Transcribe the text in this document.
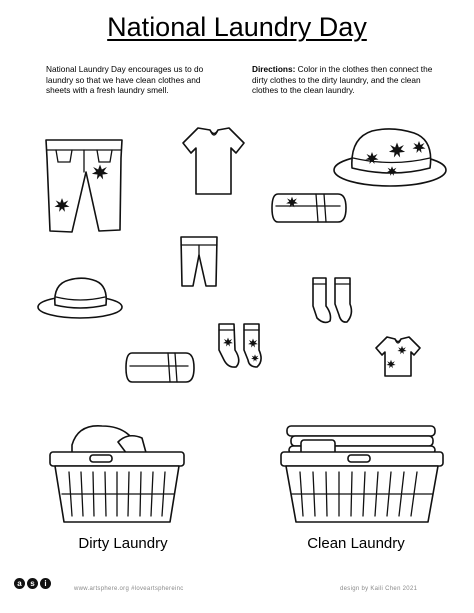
National Laundry Day
National Laundry Day encourages us to do laundry so that we have clean clothes and sheets with a fresh laundry smell.
Directions: Color in the clothes then connect the dirty clothes to the dirty laundry, and the clean clothes to the clean laundry.
Dirty Laundry	Clean Laundry
a	s	i
www.artsphere.org #loveartsphereinc	design by Kaili Chen 2021
